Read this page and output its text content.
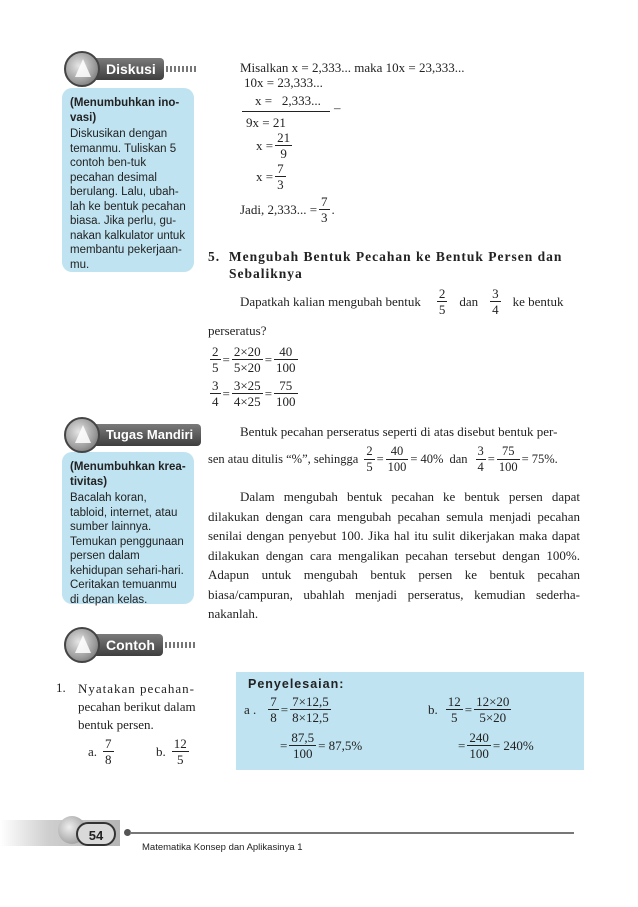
Diskusi
(Menumbuhkan ino-vasi)
Diskusikan dengan temanmu. Tuliskan 5 contoh ben-tuk pecahan desimal berulang. Lalu, ubah-lah ke bentuk pecahan biasa. Jika perlu, gu-nakan kalkulator untuk membantu pekerjaan-mu.
Misalkan x = 2,333... maka 10x = 23,333...
10x = 23,333...
x =   2,333... –
9x = 21
$x = \frac{21}{9}$
$x = \frac{7}{3}$
Jadi, 2,333... = $\frac{7}{3}$ .
5.  Mengubah Bentuk Pecahan ke Bentuk Persen dan
Sebaliknya
Dapatkah kalian mengubah bentuk $\frac{2}{5}$ dan $\frac{3}{4}$ ke bentuk
perseratus?
$\frac{2}{5} = \frac{2\times 20}{5\times 20} = \frac{40}{100}$
$\frac{3}{4} = \frac{3\times 25}{4\times 25} = \frac{75}{100}$
Tugas Mandiri
(Menumbuhkan krea-tivitas)
Bacalah koran, tabloid, internet, atau sumber lainnya. Temukan penggunaan persen dalam kehidupan sehari-hari. Ceritakan temuanmu di depan kelas.
Bentuk pecahan perseratus seperti di atas disebut bentuk per-
sen atau ditulis “%”, sehingga $\frac{2}{5} = \frac{40}{100} = 40\%$ dan $\frac{3}{4} = \frac{75}{100} = 75\%$.
Dalam mengubah bentuk pecahan ke bentuk persen dapat dilakukan dengan cara mengubah pecahan semula menjadi pecahan senilai dengan penyebut 100. Jika hal itu sulit dikerjakan maka dapat dilakukan dengan cara mengalikan pecahan tersebut dengan 100%. Adapun untuk mengubah bentuk persen ke bentuk pecahan biasa/campuran, ubahlah menjadi perseratus, kemudian sederha-nakanlah.
Contoh
1. Nyatakan pecahan-
pecahan berikut dalam
bentuk persen.
a. $\frac{7}{8}$	b. $\frac{12}{5}$
Penyelesaian:
a . $\frac{7}{8} = \frac{7\times 12,5}{8\times 12,5}$
= $\frac{87,5}{100} = 87,5\%$
b. $\frac{12}{5} = \frac{12\times 20}{5\times 20}$
= $\frac{240}{100} = 240\%$
54
Matematika Konsep dan Aplikasinya 1
